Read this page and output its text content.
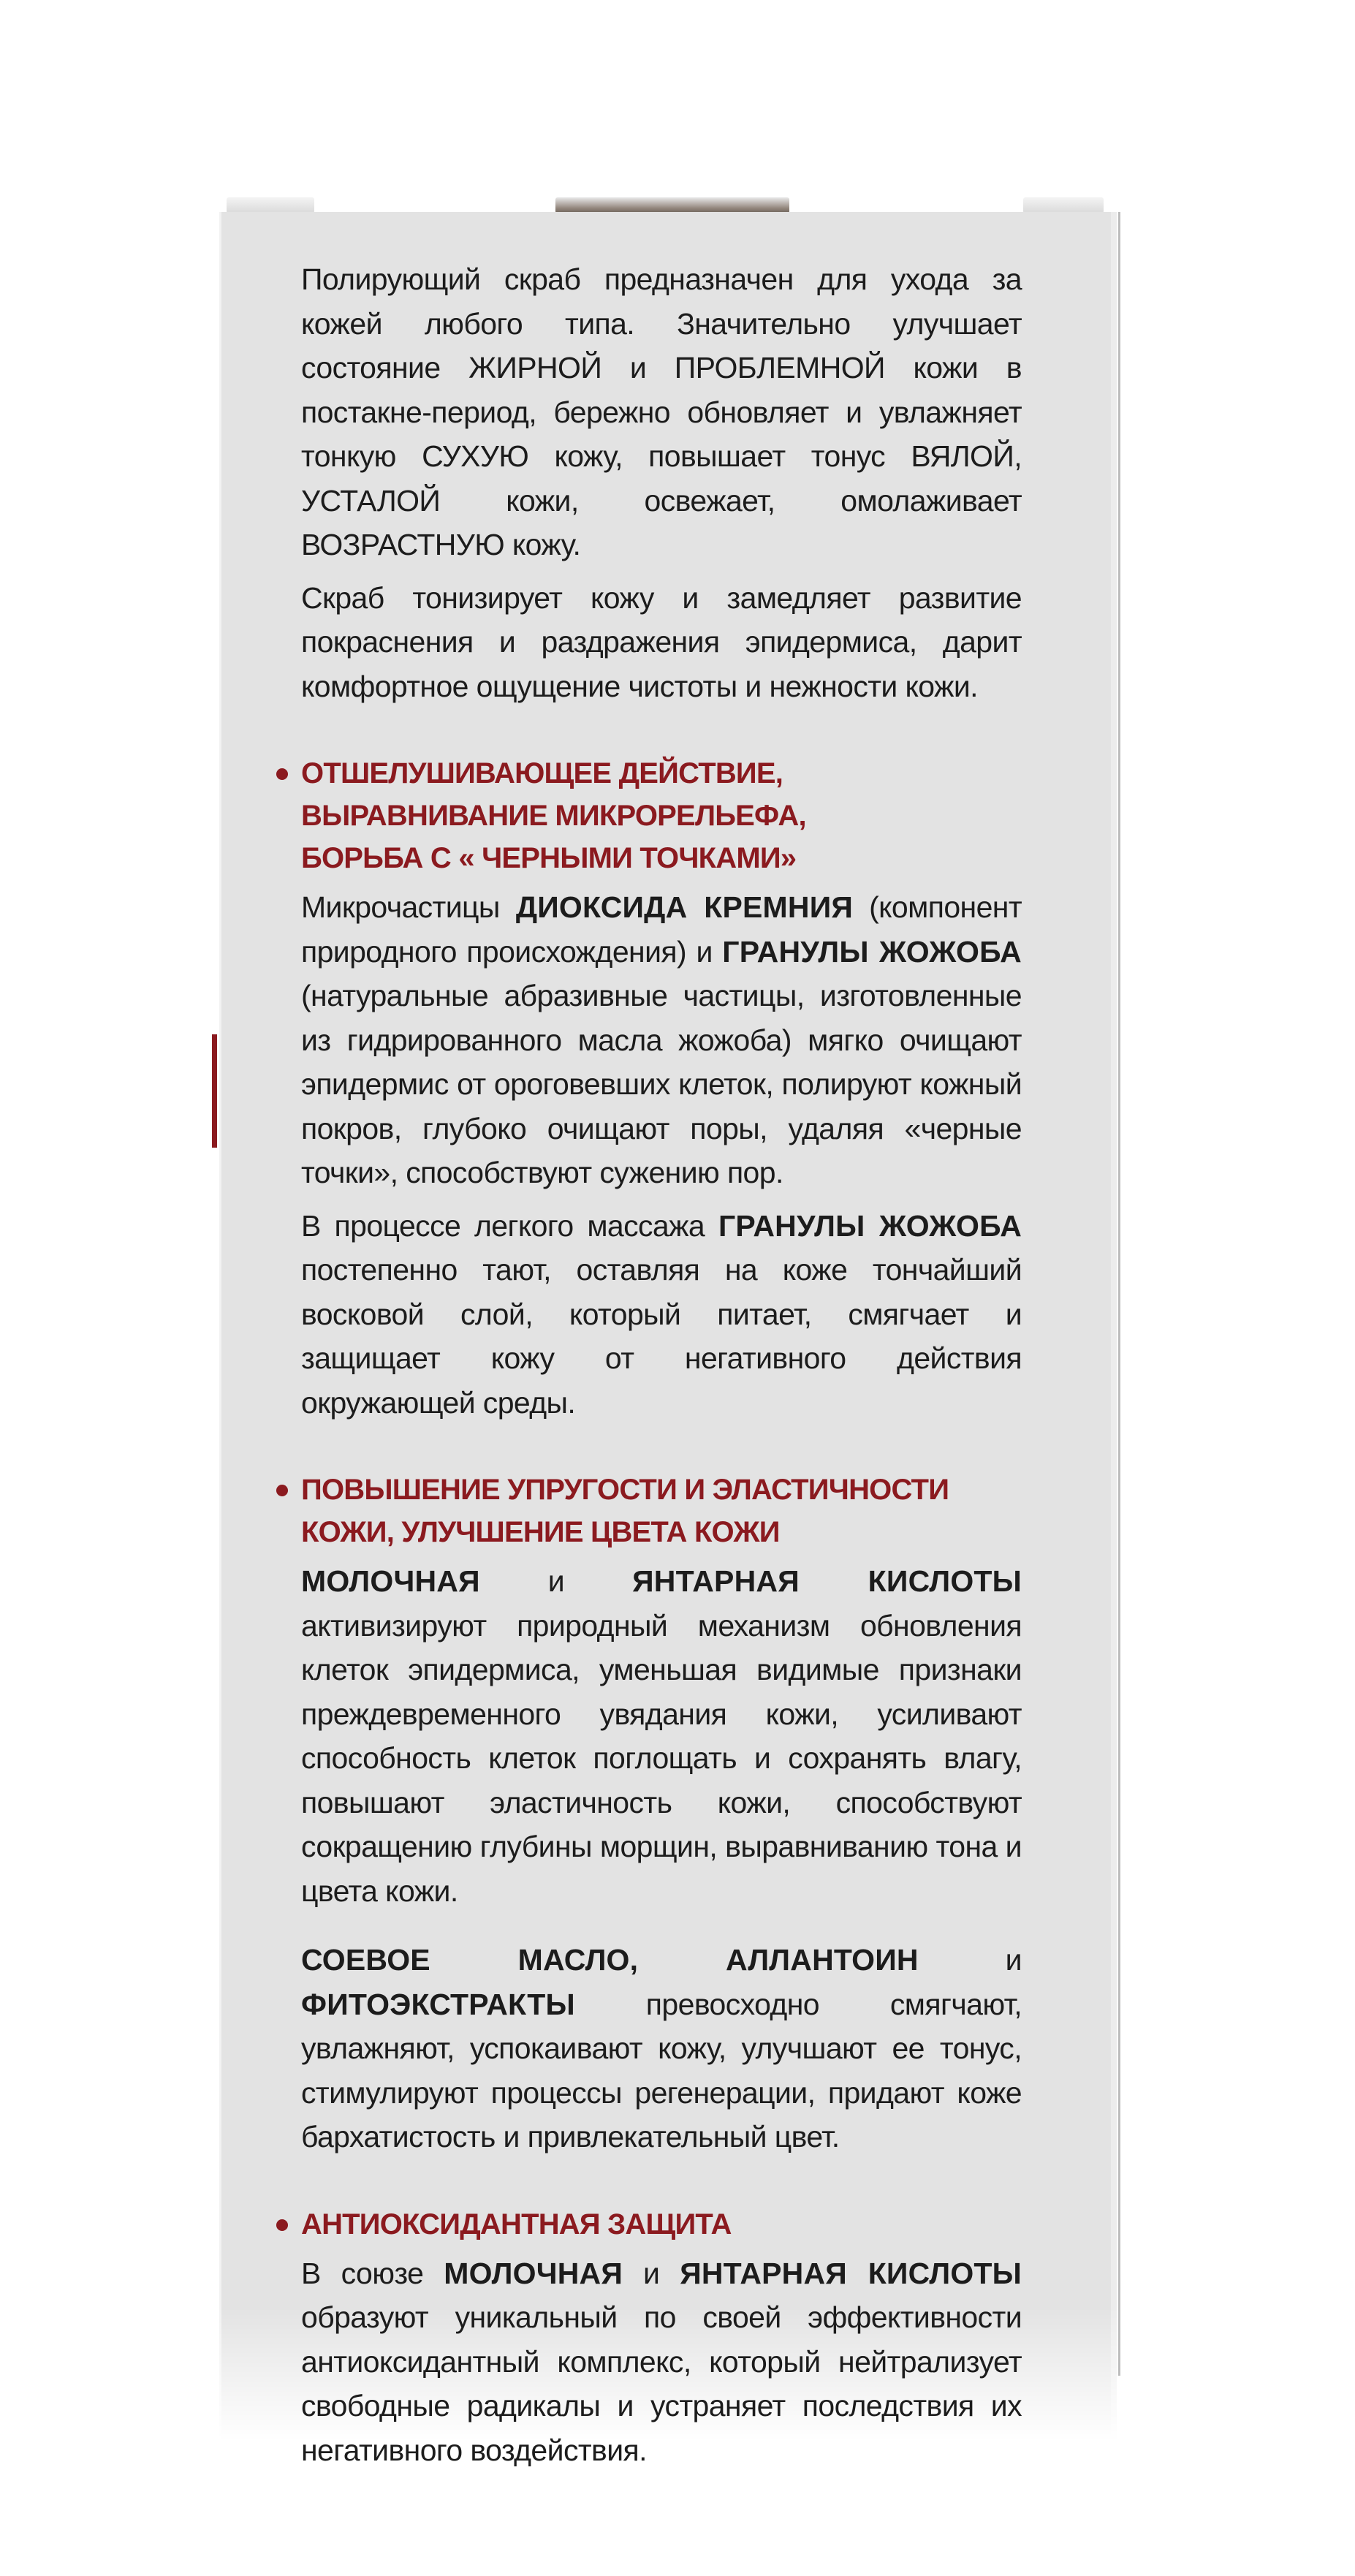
Полирующий скраб предназначен для ухода за кожей любого типа. Значительно улучшает состояние ЖИРНОЙ и ПРОБЛЕМНОЙ кожи в постакне-период, бережно обновляет и увлажняет тонкую СУХУЮ кожу, повышает тонус ВЯЛОЙ, УСТАЛОЙ кожи, освежает, омолаживает ВОЗРАСТНУЮ кожу.

Скраб тонизирует кожу и замедляет развитие покраснения и раздражения эпидермиса, дарит комфортное ощущение чистоты и нежности кожи.

ОТШЕЛУШИВАЮЩЕЕ ДЕЙСТВИЕ,
ВЫРАВНИВАНИЕ МИКРОРЕЛЬЕФА,
БОРЬБА С « ЧЕРНЫМИ ТОЧКАМИ»

Микрочастицы ДИОКСИДА КРЕМНИЯ (компонент природного происхождения) и ГРАНУЛЫ ЖОЖОБА (натуральные абразивные частицы, изготовленные из гидрированного масла жожоба) мягко очищают эпидермис от ороговевших клеток, полируют кожный покров, глубоко очищают поры, удаляя «черные точки», способствуют сужению пор.

В процессе легкого массажа ГРАНУЛЫ ЖОЖОБА постепенно тают, оставляя на коже тончайший восковой слой, который питает, смягчает и защищает кожу от негативного действия окружающей среды.

ПОВЫШЕНИЕ УПРУГОСТИ И ЭЛАСТИЧНОСТИ
КОЖИ, УЛУЧШЕНИЕ ЦВЕТА КОЖИ

МОЛОЧНАЯ и ЯНТАРНАЯ КИСЛОТЫ активизируют природный механизм обновления клеток эпидермиса, уменьшая видимые признаки преждевременного увядания кожи, усиливают способность клеток поглощать и сохранять влагу, повышают эластичность кожи, способствуют сокращению глубины морщин, выравниванию тона и цвета кожи.

СОЕВОЕ МАСЛО, АЛЛАНТОИН и ФИТОЭКСТРАКТЫ превосходно смягчают, увлажняют, успокаивают кожу, улучшают ее тонус, стимулируют процессы регенерации, придают коже бархатистость и привлекательный цвет.

АНТИОКСИДАНТНАЯ ЗАЩИТА

В союзе МОЛОЧНАЯ и ЯНТАРНАЯ КИСЛОТЫ образуют уникальный по своей эффективности антиоксидантный комплекс, который нейтрализует свободные радикалы и устраняет последствия их негативного воздействия.
